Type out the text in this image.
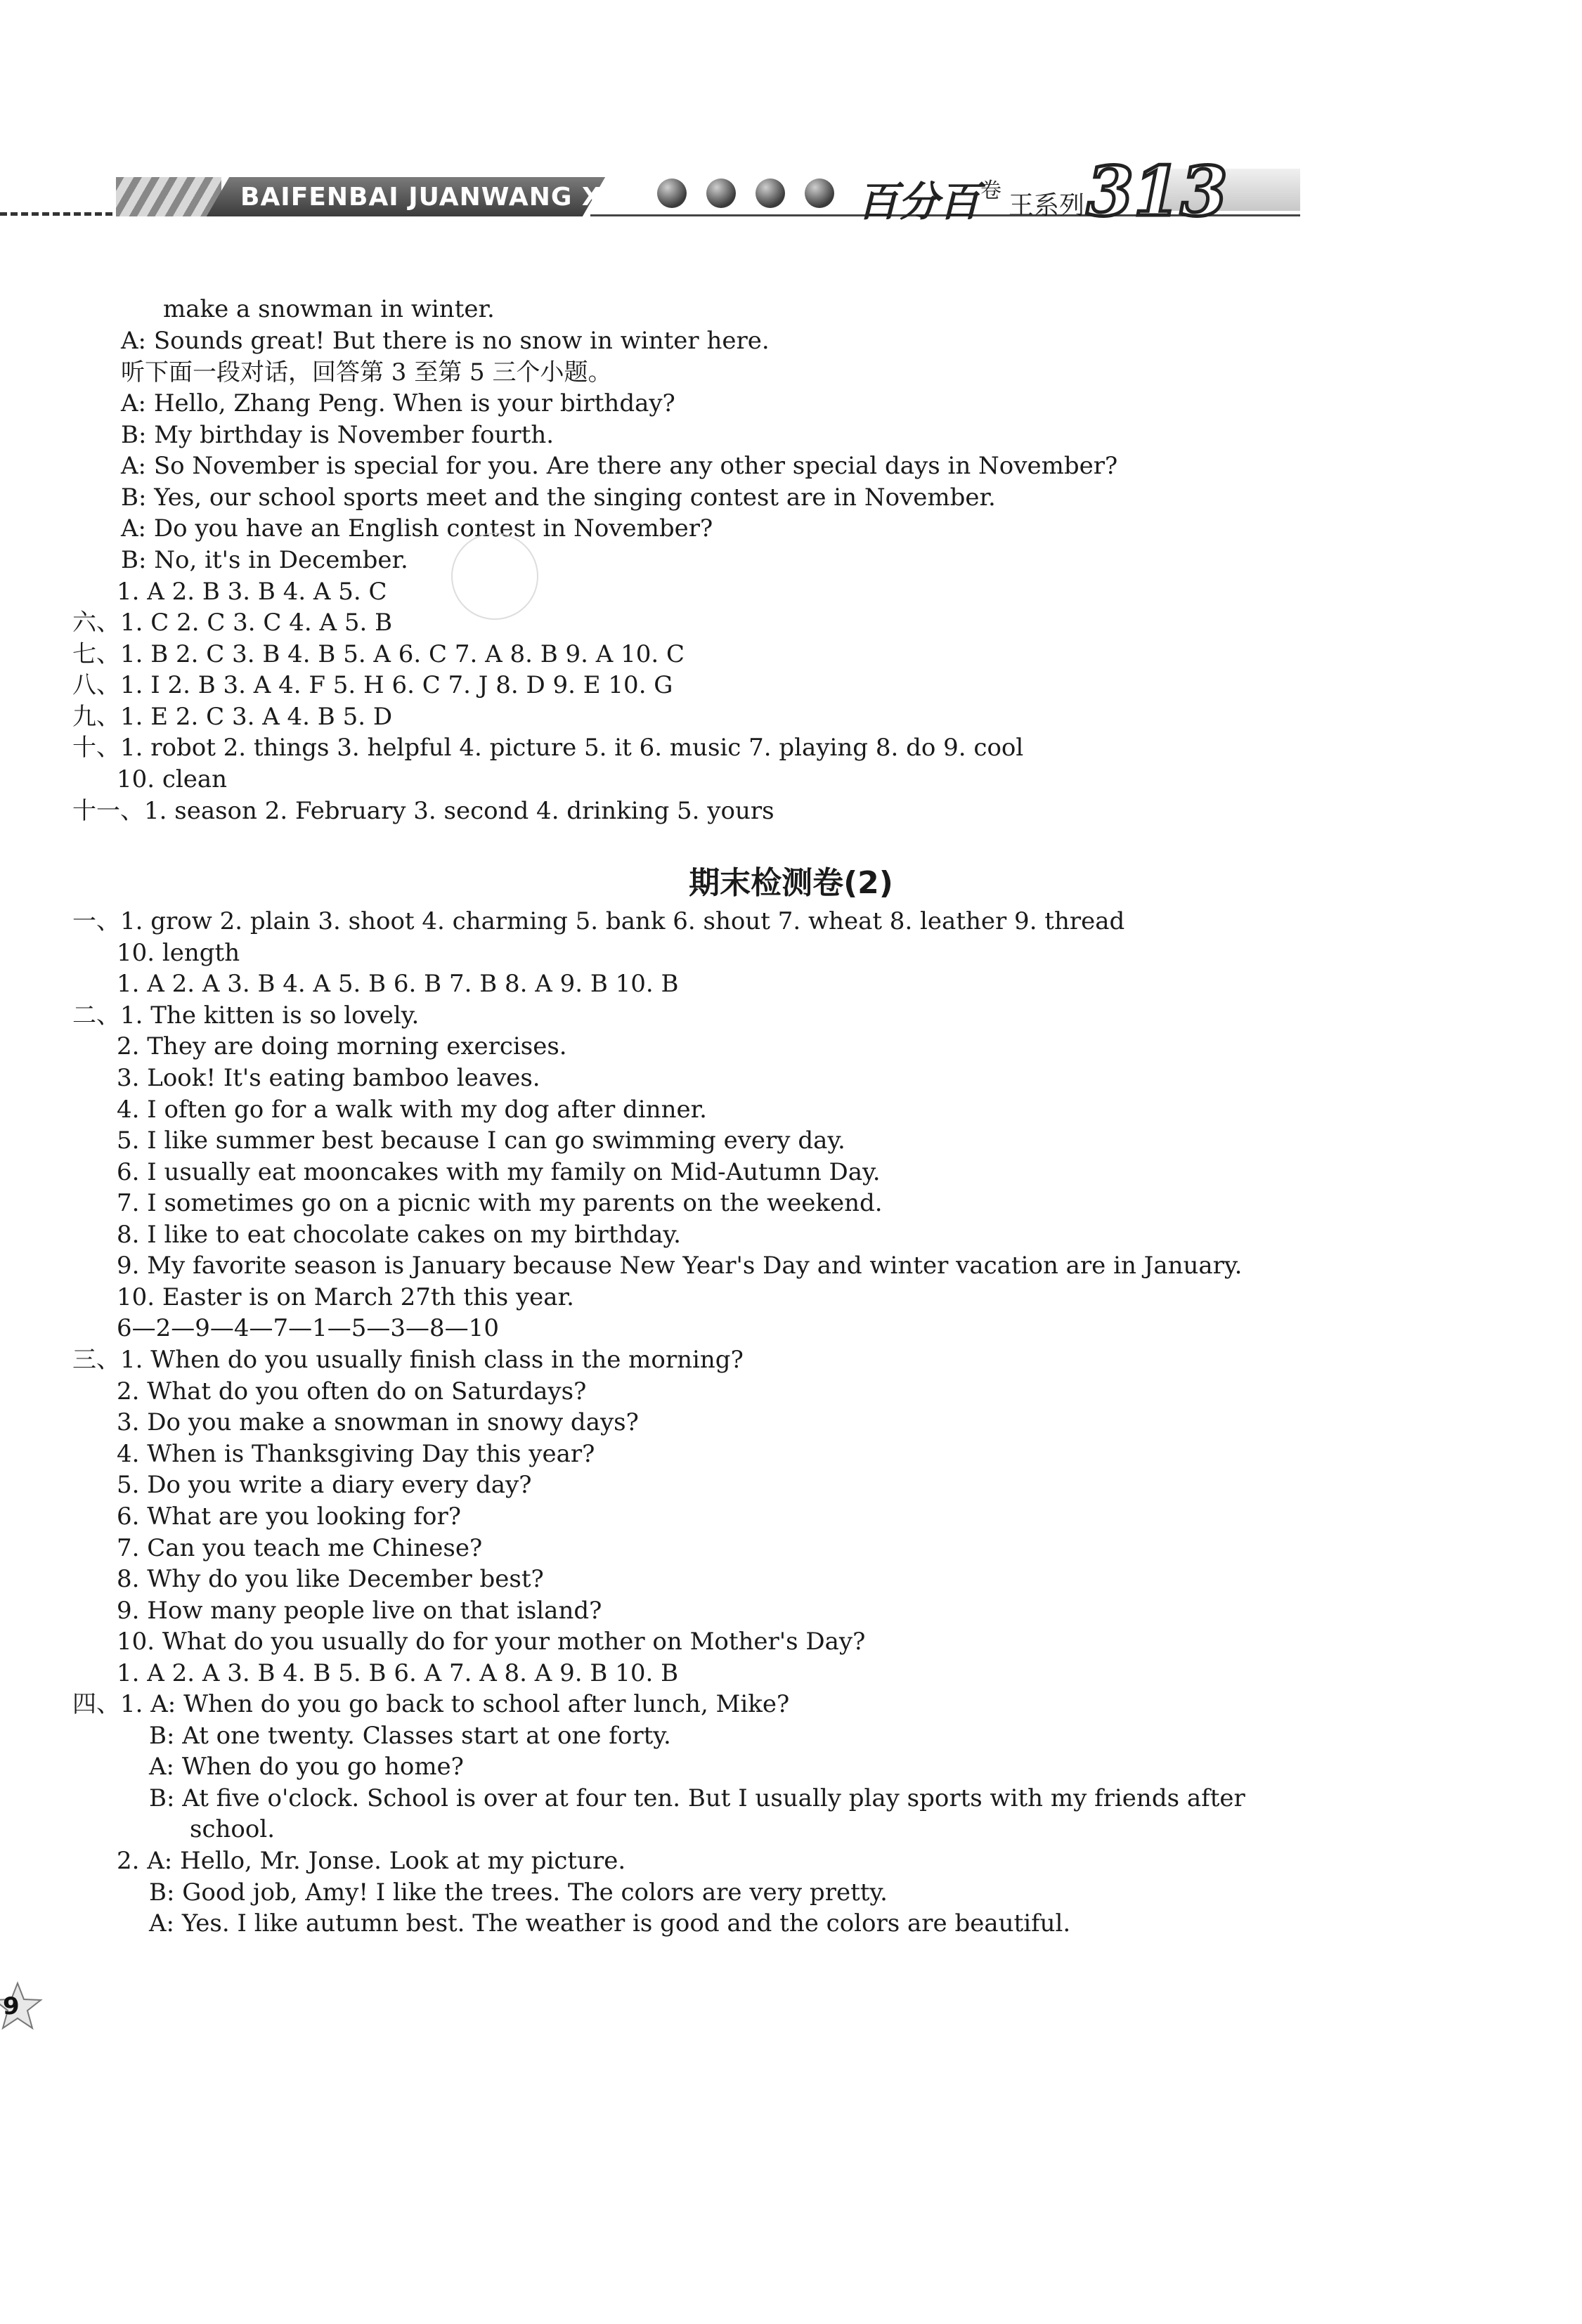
BAIFENBAI JUANWANG XILIE	百分百 卷
王系列 313
make a snowman in winter.
A: Sounds great! But there is no snow in winter here.
听下面一段对话，回答第 3 至第 5 三个小题。
A: Hello, Zhang Peng. When is your birthday?
B: My birthday is November fourth.
A: So November is special for you. Are there any other special days in November?
B: Yes, our school sports meet and the singing contest are in November.
A: Do you have an English contest in November?
B: No, it's in December.
1. A 2. B 3. B 4. A 5. C
六、1. C 2. C 3. C 4. A 5. B
七、1. B 2. C 3. B 4. B 5. A 6. C 7. A 8. B 9. A 10. C
八、1. I 2. B 3. A 4. F 5. H 6. C 7. J 8. D 9. E 10. G
九、1. E 2. C 3. A 4. B 5. D
十、1. robot 2. things 3. helpful 4. picture 5. it 6. music 7. playing 8. do 9. cool
10. clean
十一、1. season 2. February 3. second 4. drinking 5. yours
期末检测卷(2)
一、1. grow 2. plain 3. shoot 4. charming 5. bank 6. shout 7. wheat 8. leather 9. thread
10. length
1. A 2. A 3. B 4. A 5. B 6. B 7. B 8. A 9. B 10. B
二、1. The kitten is so lovely.
2. They are doing morning exercises.
3. Look! It's eating bamboo leaves.
4. I often go for a walk with my dog after dinner.
5. I like summer best because I can go swimming every day.
6. I usually eat mooncakes with my family on Mid-Autumn Day.
7. I sometimes go on a picnic with my parents on the weekend.
8. I like to eat chocolate cakes on my birthday.
9. My favorite season is January because New Year's Day and winter vacation are in January.
10. Easter is on March 27th this year.
6—2—9—4—7—1—5—3—8—10
三、1. When do you usually finish class in the morning?
2. What do you often do on Saturdays?
3. Do you make a snowman in snowy days?
4. When is Thanksgiving Day this year?
5. Do you write a diary every day?
6. What are you looking for?
7. Can you teach me Chinese?
8. Why do you like December best?
9. How many people live on that island?
10. What do you usually do for your mother on Mother's Day?
1. A 2. A 3. B 4. B 5. B 6. A 7. A 8. A 9. B 10. B
四、1. A: When do you go back to school after lunch, Mike?
B: At one twenty. Classes start at one forty.
A: When do you go home?
B: At five o'clock. School is over at four ten. But I usually play sports with my friends after
school.
2. A: Hello, Mr. Jonse. Look at my picture.
B: Good job, Amy! I like the trees. The colors are very pretty.
A: Yes. I like autumn best. The weather is good and the colors are beautiful.
9
